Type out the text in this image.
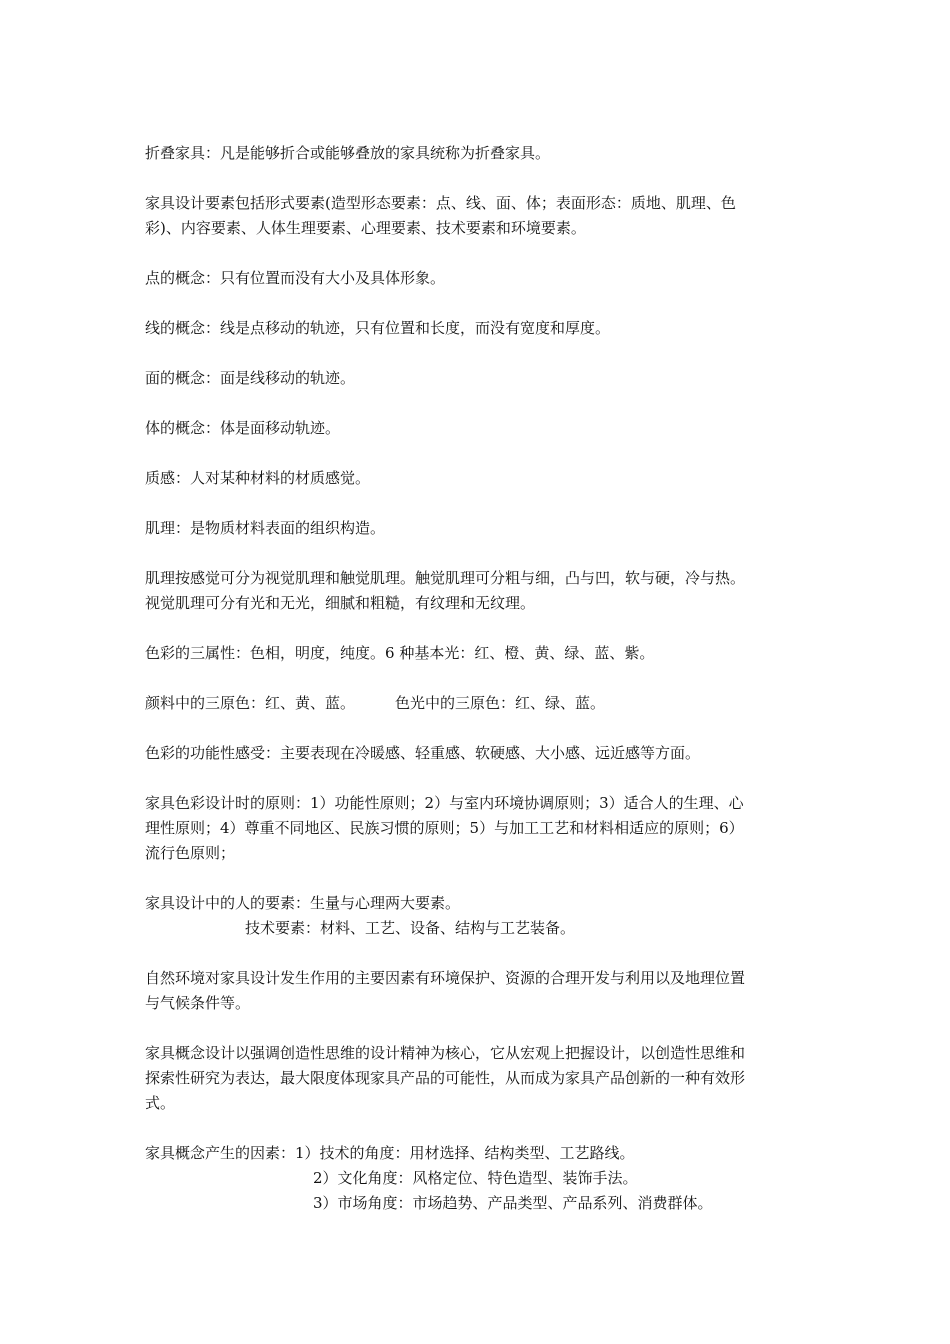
折叠家具：凡是能够折合或能够叠放的家具统称为折叠家具。

家具设计要素包括形式要素(造型形态要素：点、线、面、体；表面形态：质地、肌理、色
彩)、内容要素、人体生理要素、心理要素、技术要素和环境要素。

点的概念：只有位置而没有大小及具体形象。

线的概念：线是点移动的轨迹，只有位置和长度，而没有宽度和厚度。

面的概念：面是线移动的轨迹。

体的概念：体是面移动轨迹。

质感：人对某种材料的材质感觉。

肌理：是物质材料表面的组织构造。

肌理按感觉可分为视觉肌理和触觉肌理。触觉肌理可分粗与细，凸与凹，软与硬，冷与热。
视觉肌理可分有光和无光，细腻和粗糙，有纹理和无纹理。

色彩的三属性：色相，明度，纯度。6 种基本光：红、橙、黄、绿、蓝、紫。

颜料中的三原色：红、黄、蓝。	色光中的三原色：红、绿、蓝。

色彩的功能性感受：主要表现在冷暖感、轻重感、软硬感、大小感、远近感等方面。

家具色彩设计时的原则：1）功能性原则；2）与室内环境协调原则；3）适合人的生理、心
理性原则；4）尊重不同地区、民族习惯的原则；5）与加工工艺和材料相适应的原则；6）
流行色原则；

家具设计中的人的要素：生量与心理两大要素。
技术要素：材料、工艺、设备、结构与工艺装备。

自然环境对家具设计发生作用的主要因素有环境保护、资源的合理开发与利用以及地理位置
与气候条件等。

家具概念设计以强调创造性思维的设计精神为核心，它从宏观上把握设计，以创造性思维和
探索性研究为表达，最大限度体现家具产品的可能性，从而成为家具产品创新的一种有效形
式。

家具概念产生的因素：1）技术的角度：用材选择、结构类型、工艺路线。
2）文化角度：风格定位、特色造型、装饰手法。
3）市场角度：市场趋势、产品类型、产品系列、消费群体。
